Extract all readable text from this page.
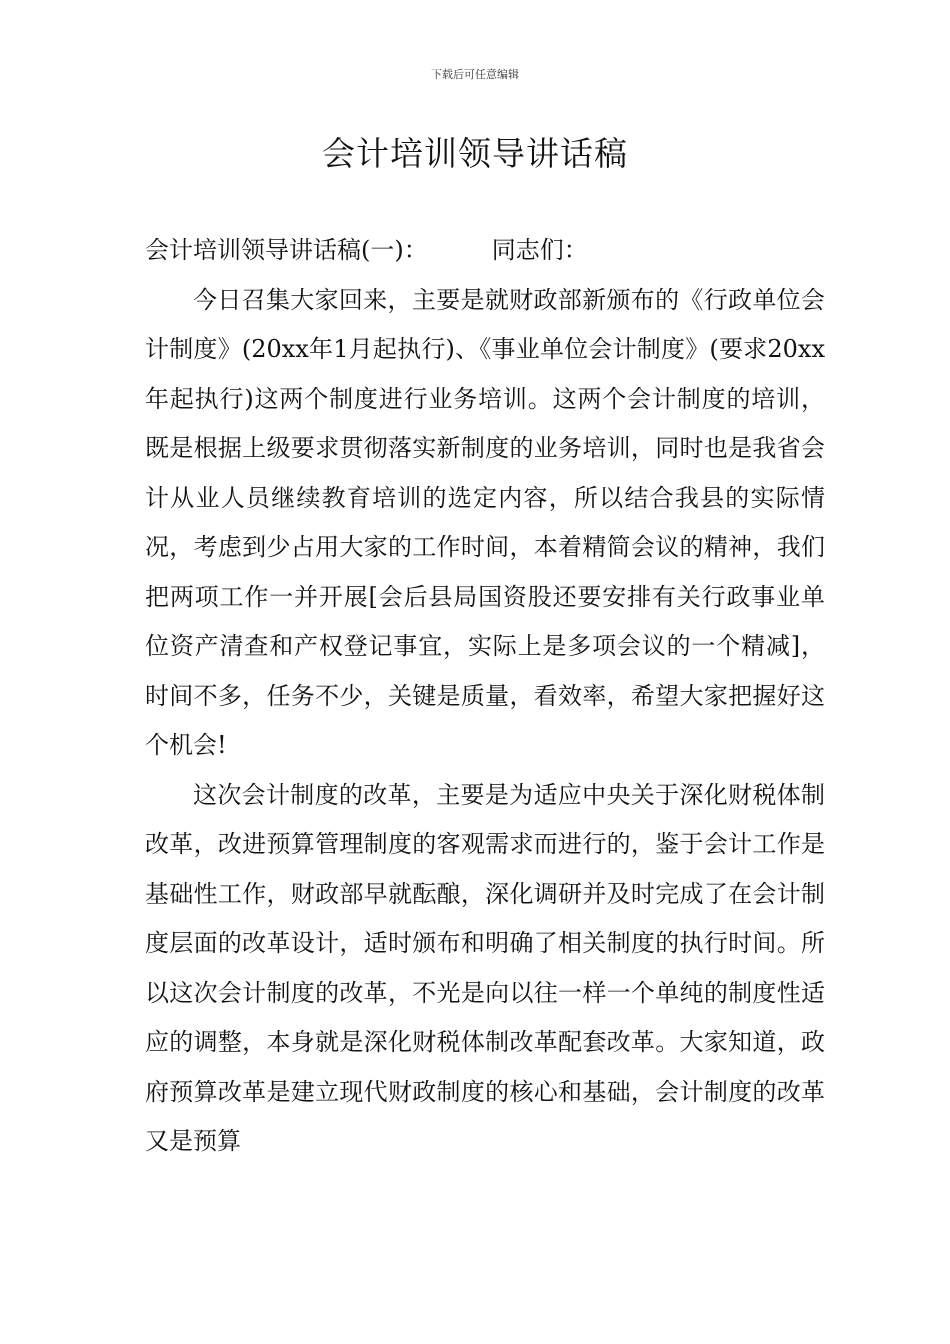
下载后可任意编辑
会计培训领导讲话稿

会计培训领导讲话稿(一)：	同志们：

今日召集大家回来，主要是就财政部新颁布的《行政单位会计制度》(20xx年1月起执行)、《事业单位会计制度》(要求20xx年起执行)这两个制度进行业务培训。这两个会计制度的培训，既是根据上级要求贯彻落实新制度的业务培训，同时也是我省会计从业人员继续教育培训的选定内容，所以结合我县的实际情况，考虑到少占用大家的工作时间，本着精简会议的精神，我们把两项工作一并开展[会后县局国资股还要安排有关行政事业单位资产清查和产权登记事宜，实际上是多项会议的一个精减]，时间不多，任务不少，关键是质量，看效率，希望大家把握好这个机会!

这次会计制度的改革，主要是为适应中央关于深化财税体制改革，改进预算管理制度的客观需求而进行的，鉴于会计工作是基础性工作，财政部早就酝酿，深化调研并及时完成了在会计制度层面的改革设计，适时颁布和明确了相关制度的执行时间。所以这次会计制度的改革，不光是向以往一样一个单纯的制度性适应的调整，本身就是深化财税体制改革配套改革。大家知道，政府预算改革是建立现代财政制度的核心和基础，会计制度的改革又是预算
